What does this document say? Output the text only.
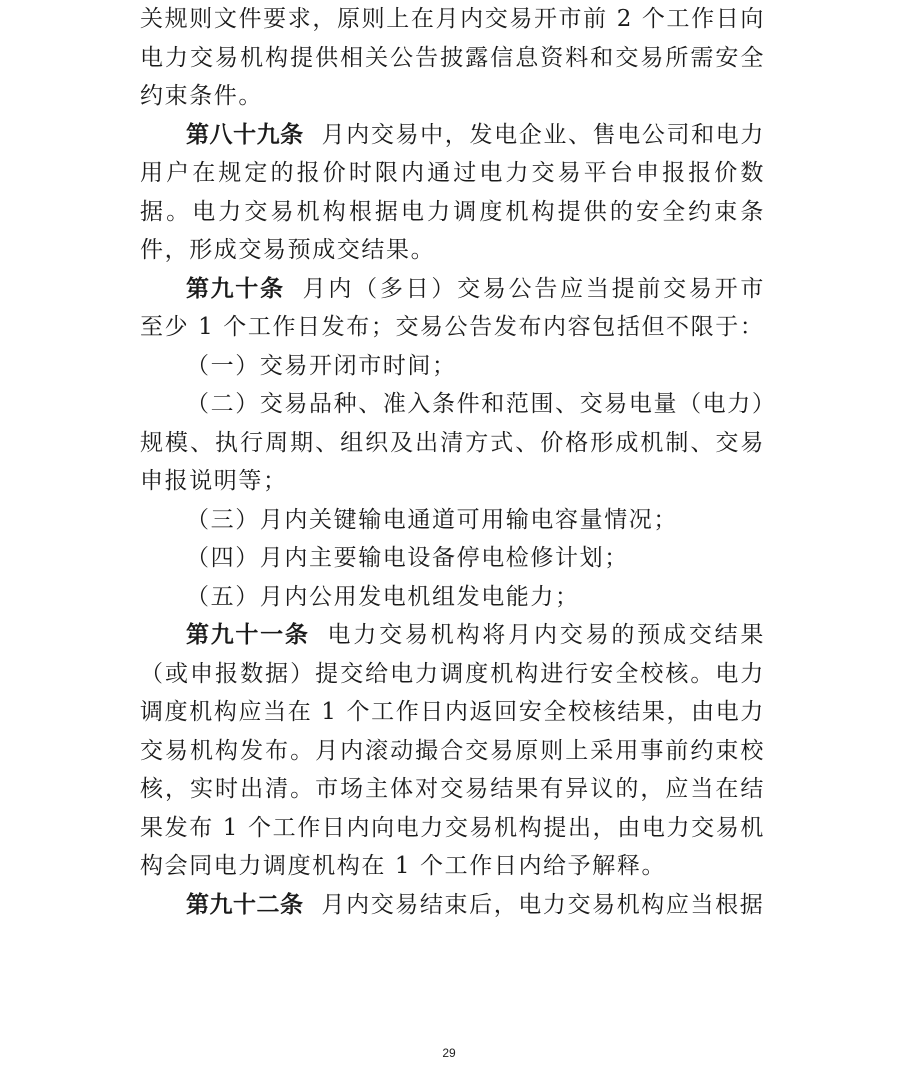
关规则文件要求，原则上在月内交易开市前 2 个工作日向电力交易机构提供相关公告披露信息资料和交易所需安全约束条件。

第八十九条 月内交易中，发电企业、售电公司和电力用户在规定的报价时限内通过电力交易平台申报报价数据。电力交易机构根据电力调度机构提供的安全约束条件，形成交易预成交结果。

第九十条 月内（多日）交易公告应当提前交易开市至少 1 个工作日发布；交易公告发布内容包括但不限于：

（一）交易开闭市时间；

（二）交易品种、准入条件和范围、交易电量（电力）规模、执行周期、组织及出清方式、价格形成机制、交易申报说明等；

（三）月内关键输电通道可用输电容量情况；

（四）月内主要输电设备停电检修计划；

（五）月内公用发电机组发电能力；

第九十一条 电力交易机构将月内交易的预成交结果（或申报数据）提交给电力调度机构进行安全校核。电力调度机构应当在 1 个工作日内返回安全校核结果，由电力交易机构发布。月内滚动撮合交易原则上采用事前约束校核，实时出清。市场主体对交易结果有异议的，应当在结果发布 1 个工作日内向电力交易机构提出，由电力交易机构会同电力调度机构在 1 个工作日内给予解释。

第九十二条 月内交易结束后，电力交易机构应当根据

29
